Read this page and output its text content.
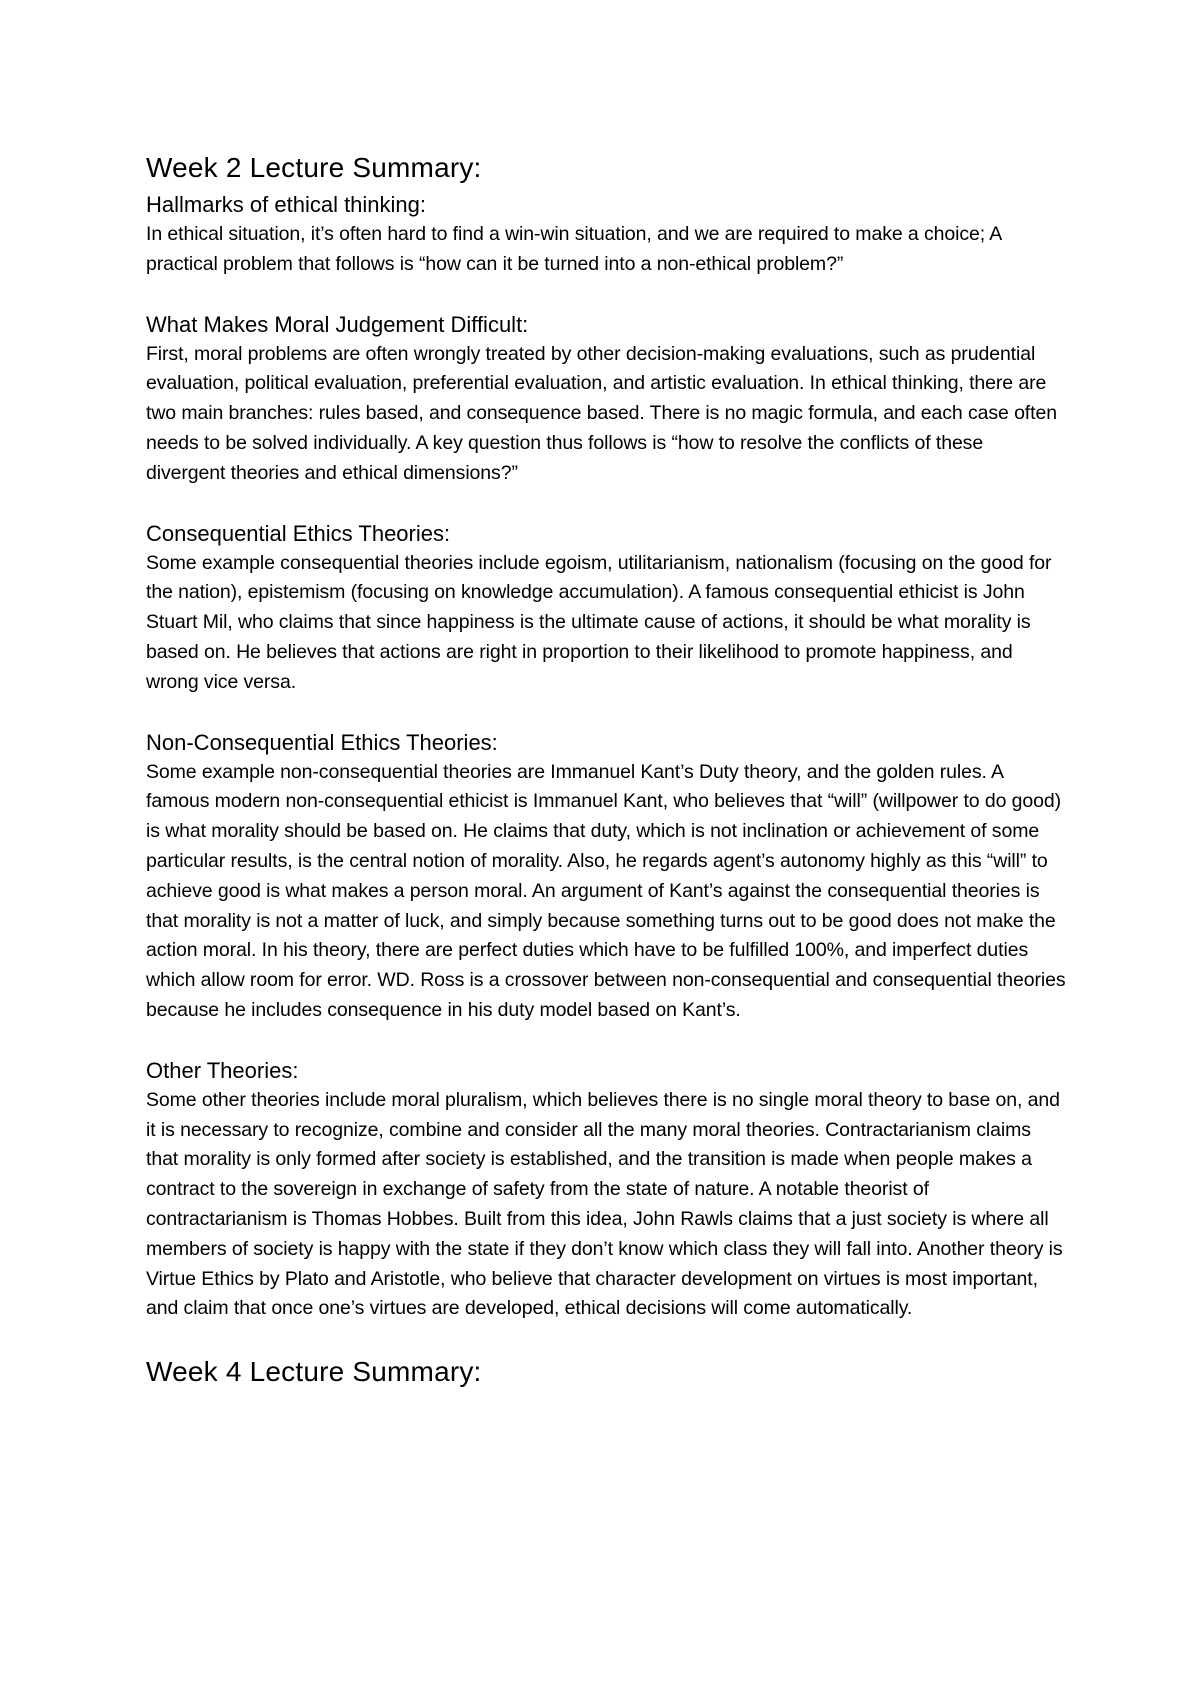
Week 2 Lecture Summary:
Hallmarks of ethical thinking:

In ethical situation, it’s often hard to find a win-win situation, and we are required to make a choice; A practical problem that follows is “how can it be turned into a non-ethical problem?”

What Makes Moral Judgement Difficult:

First, moral problems are often wrongly treated by other decision-making evaluations, such as prudential evaluation, political evaluation, preferential evaluation, and artistic evaluation. In ethical thinking, there are two main branches: rules based, and consequence based. There is no magic formula, and each case often needs to be solved individually. A key question thus follows is “how to resolve the conflicts of these divergent theories and ethical dimensions?”

Consequential Ethics Theories:

Some example consequential theories include egoism, utilitarianism, nationalism (focusing on the good for the nation), epistemism (focusing on knowledge accumulation). A famous consequential ethicist is John Stuart Mil, who claims that since happiness is the ultimate cause of actions, it should be what morality is based on. He believes that actions are right in proportion to their likelihood to promote happiness, and wrong vice versa.

Non-Consequential Ethics Theories:

Some example non-consequential theories are Immanuel Kant’s Duty theory, and the golden rules. A famous modern non-consequential ethicist is Immanuel Kant, who believes that “will” (willpower to do good) is what morality should be based on. He claims that duty, which is not inclination or achievement of some particular results, is the central notion of morality. Also, he regards agent’s autonomy highly as this “will” to achieve good is what makes a person moral. An argument of Kant’s against the consequential theories is that morality is not a matter of luck, and simply because something turns out to be good does not make the action moral. In his theory, there are perfect duties which have to be fulfilled 100%, and imperfect duties which allow room for error. WD. Ross is a crossover between non-consequential and consequential theories because he includes consequence in his duty model based on Kant’s.

Other Theories:

Some other theories include moral pluralism, which believes there is no single moral theory to base on, and it is necessary to recognize, combine and consider all the many moral theories. Contractarianism claims that morality is only formed after society is established, and the transition is made when people makes a contract to the sovereign in exchange of safety from the state of nature. A notable theorist of contractarianism is Thomas Hobbes. Built from this idea, John Rawls claims that a just society is where all members of society is happy with the state if they don’t know which class they will fall into. Another theory is Virtue Ethics by Plato and Aristotle, who believe that character development on virtues is most important, and claim that once one’s virtues are developed, ethical decisions will come automatically.

Week 4 Lecture Summary:
